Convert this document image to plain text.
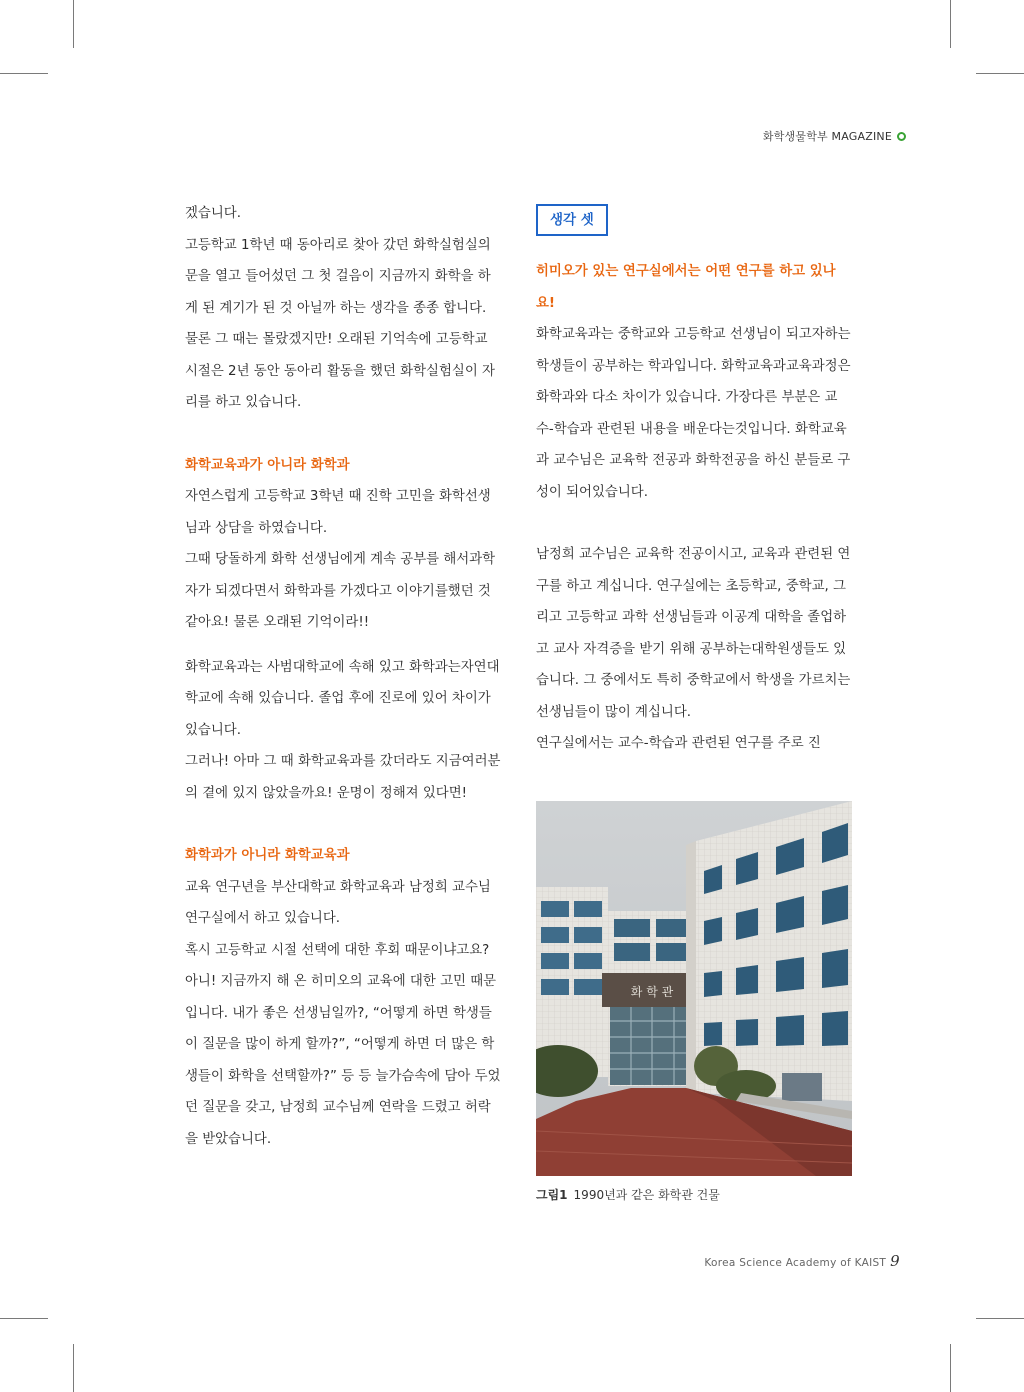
화학생물학부 MAGAZINE

겠습니다.

고등학교 1학년 때 동아리로 찾아 갔던 화학실험실의 문을 열고 들어섰던 그 첫 걸음이 지금까지 화학을 하게 된 계기가 된 것 아닐까 하는 생각을 종종 합니다. 물론 그 때는 몰랐겠지만! 오래된 기억속에 고등학교 시절은 2년 동안 동아리 활동을 했던 화학실험실이 자리를 하고 있습니다.

화학교육과가 아니라 화학과

자연스럽게 고등학교 3학년 때 진학 고민을 화학선생님과 상담을 하였습니다.

그때 당돌하게 화학 선생님에게 계속 공부를 해서과학자가 되겠다면서 화학과를 가겠다고 이야기를했던 것 같아요! 물론 오래된 기억이라!!

화학교육과는 사범대학교에 속해 있고 화학과는자연대학교에 속해 있습니다. 졸업 후에 진로에 있어 차이가 있습니다.

그러나! 아마 그 때 화학교육과를 갔더라도 지금여러분의 곁에 있지 않았을까요! 운명이 정해져 있다면!

화학과가 아니라 화학교육과

교육 연구년을 부산대학교 화학교육과 남정희 교수님 연구실에서 하고 있습니다.

혹시 고등학교 시절 선택에 대한 후회 때문이냐고요? 아니! 지금까지 해 온 히미오의 교육에 대한 고민 때문입니다. 내가 좋은 선생님일까?, “어떻게 하면 학생들이 질문을 많이 하게 할까?”, “어떻게 하면 더 많은 학생들이 화학을 선택할까?” 등 등 늘가슴속에 담아 두었던 질문을 갖고, 남정희 교수님께 연락을 드렸고 허락을 받았습니다.

생각 셋

히미오가 있는 연구실에서는 어떤 연구를 하고 있나요!

화학교육과는 중학교와 고등학교 선생님이 되고자하는 학생들이 공부하는 학과입니다. 화학교육과교육과정은 화학과와 다소 차이가 있습니다. 가장다른 부분은 교수-학습과 관련된 내용을 배운다는것입니다. 화학교육과 교수님은 교육학 전공과 화학전공을 하신 분들로 구성이 되어있습니다.

남정희 교수님은 교육학 전공이시고, 교육과 관련된 연구를 하고 계십니다. 연구실에는 초등학교, 중학교, 그리고 고등학교 과학 선생님들과 이공계 대학을 졸업하고 교사 자격증을 받기 위해 공부하는대학원생들도 있습니다. 그 중에서도 특히 중학교에서 학생을 가르치는 선생님들이 많이 계십니다.

연구실에서는 교수-학습과 관련된 연구를 주로 진

화 학 관
그림1 1990년과 같은 화학관 건물
Korea Science Academy of KAIST 9
